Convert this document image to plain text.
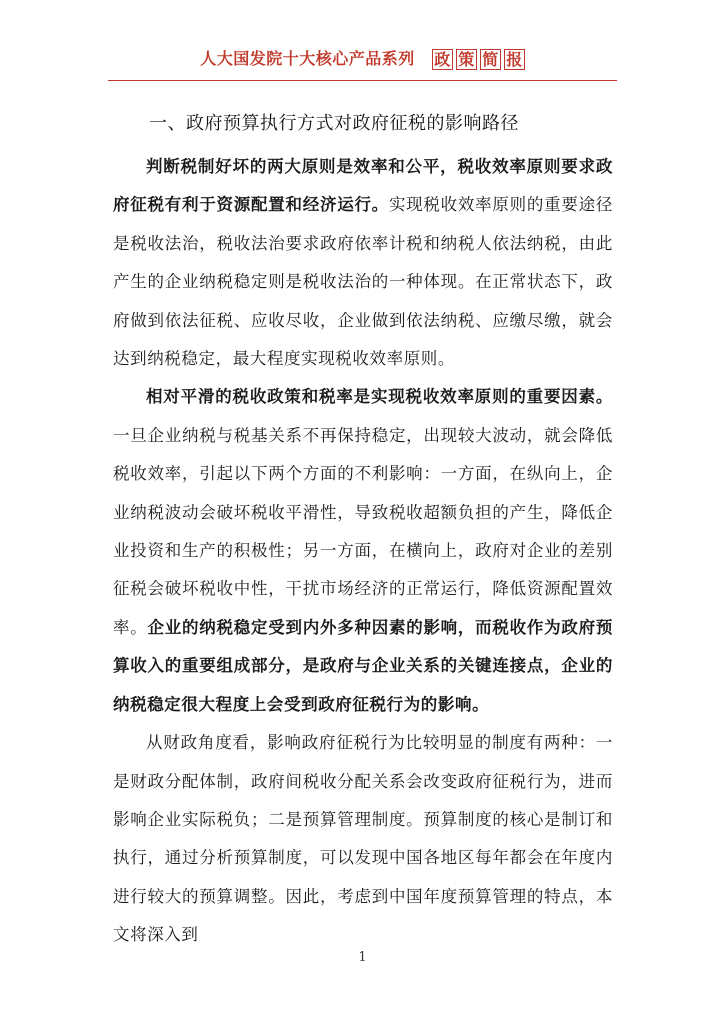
人大国发院十大核心产品系列 政 策 简 报
一、政府预算执行方式对政府征税的影响路径

判断税制好坏的两大原则是效率和公平，税收效率原则要求政府征税有利于资源配置和经济运行。实现税收效率原则的重要途径是税收法治，税收法治要求政府依率计税和纳税人依法纳税，由此产生的企业纳税稳定则是税收法治的一种体现。在正常状态下，政府做到依法征税、应收尽收，企业做到依法纳税、应缴尽缴，就会达到纳税稳定，最大程度实现税收效率原则。

相对平滑的税收政策和税率是实现税收效率原则的重要因素。一旦企业纳税与税基关系不再保持稳定，出现较大波动，就会降低税收效率，引起以下两个方面的不利影响：一方面，在纵向上，企业纳税波动会破坏税收平滑性，导致税收超额负担的产生，降低企业投资和生产的积极性；另一方面，在横向上，政府对企业的差别征税会破坏税收中性，干扰市场经济的正常运行，降低资源配置效率。企业的纳税稳定受到内外多种因素的影响，而税收作为政府预算收入的重要组成部分，是政府与企业关系的关键连接点，企业的纳税稳定很大程度上会受到政府征税行为的影响。

从财政角度看，影响政府征税行为比较明显的制度有两种：一是财政分配体制，政府间税收分配关系会改变政府征税行为，进而影响企业实际税负；二是预算管理制度。预算制度的核心是制订和执行，通过分析预算制度，可以发现中国各地区每年都会在年度内进行较大的预算调整。因此，考虑到中国年度预算管理的特点，本文将深入到

1
